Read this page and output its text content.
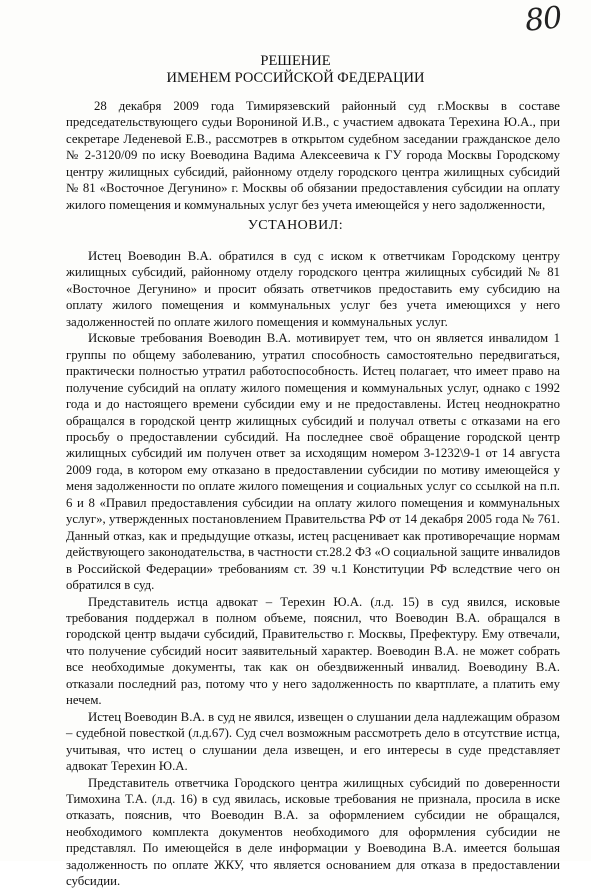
80
РЕШЕНИЕ
ИМЕНЕМ РОССИЙСКОЙ ФЕДЕРАЦИИ

28 декабря 2009 года Тимирязевский районный суд г.Москвы в составе председательствующего судьи Ворониной И.В., с участием адвоката Терехина Ю.А., при секретаре Леденевой Е.В., рассмотрев в открытом судебном заседании гражданское дело № 2-3120/09 по иску Воеводина Вадима Алексеевича к ГУ города Москвы Городскому центру жилищных субсидий, районному отделу городского центра жилищных субсидий № 81 «Восточное Дегунино» г. Москвы об обязании предоставления субсидии на оплату жилого помещения и коммунальных услуг без учета имеющейся у него задолженности,

УСТАНОВИЛ:

Истец Воеводин В.А. обратился в суд с иском к ответчикам Городскому центру жилищных субсидий, районному отделу городского центра жилищных субсидий № 81 «Восточное Дегунино» и просит обязать ответчиков предоставить ему субсидию на оплату жилого помещения и коммунальных услуг без учета имеющихся у него задолженностей по оплате жилого помещения и коммунальных услуг.

Исковые требования Воеводин В.А. мотивирует тем, что он является инвалидом 1 группы по общему заболеванию, утратил способность самостоятельно передвигаться, практически полностью утратил работоспособность. Истец полагает, что имеет право на получение субсидий на оплату жилого помещения и коммунальных услуг, однако с 1992 года и до настоящего времени субсидии ему и не предоставлены. Истец неоднократно обращался в городской центр жилищных субсидий и получал ответы с отказами на его просьбу о предоставлении субсидий. На последнее своё обращение городской центр жилищных субсидий им получен ответ за исходящим номером 3-1232\9-1 от 14 августа 2009 года, в котором ему отказано в предоставлении субсидии по мотиву имеющейся у меня задолженности по оплате жилого помещения и социальных услуг со ссылкой на п.п. 6 и 8 «Правил предоставления субсидии на оплату жилого помещения и коммунальных услуг», утвержденных постановлением Правительства РФ от 14 декабря 2005 года № 761. Данный отказ, как и предыдущие отказы, истец расценивает как противоречащие нормам действующего законодательства, в частности ст.28.2 ФЗ «О социальной защите инвалидов в Российской Федерации» требованиям ст. 39 ч.1 Конституции РФ вследствие чего он обратился в суд.

Представитель истца адвокат – Терехин Ю.А. (л.д. 15) в суд явился, исковые требования поддержал в полном объеме, пояснил, что Воеводин В.А. обращался в городской центр выдачи субсидий, Правительство г. Москвы, Префектуру. Ему отвечали, что получение субсидий носит заявительный характер. Воеводин В.А. не может собрать все необходимые документы, так как он обездвиженный инвалид. Воеводину В.А. отказали последний раз, потому что у него задолженность по квартплате, а платить ему нечем.

Истец Воеводин В.А. в суд не явился, извещен о слушании дела надлежащим образом – судебной повесткой (л.д.67). Суд счел возможным рассмотреть дело в отсутствие истца, учитывая, что истец о слушании дела извещен, и его интересы в суде представляет адвокат Терехин Ю.А.

Представитель ответчика Городского центра жилищных субсидий по доверенности Тимохина Т.А. (л.д. 16) в суд явилась, исковые требования не признала, просила в иске отказать, пояснив, что Воеводин В.А. за оформлением субсидии не обращался, необходимого комплекта документов необходимого для оформления субсидии не представлял. По имеющейся в деле информации у Воеводина В.А. имеется большая задолженность по оплате ЖКУ, что является основанием для отказа в предоставлении субсидии.
